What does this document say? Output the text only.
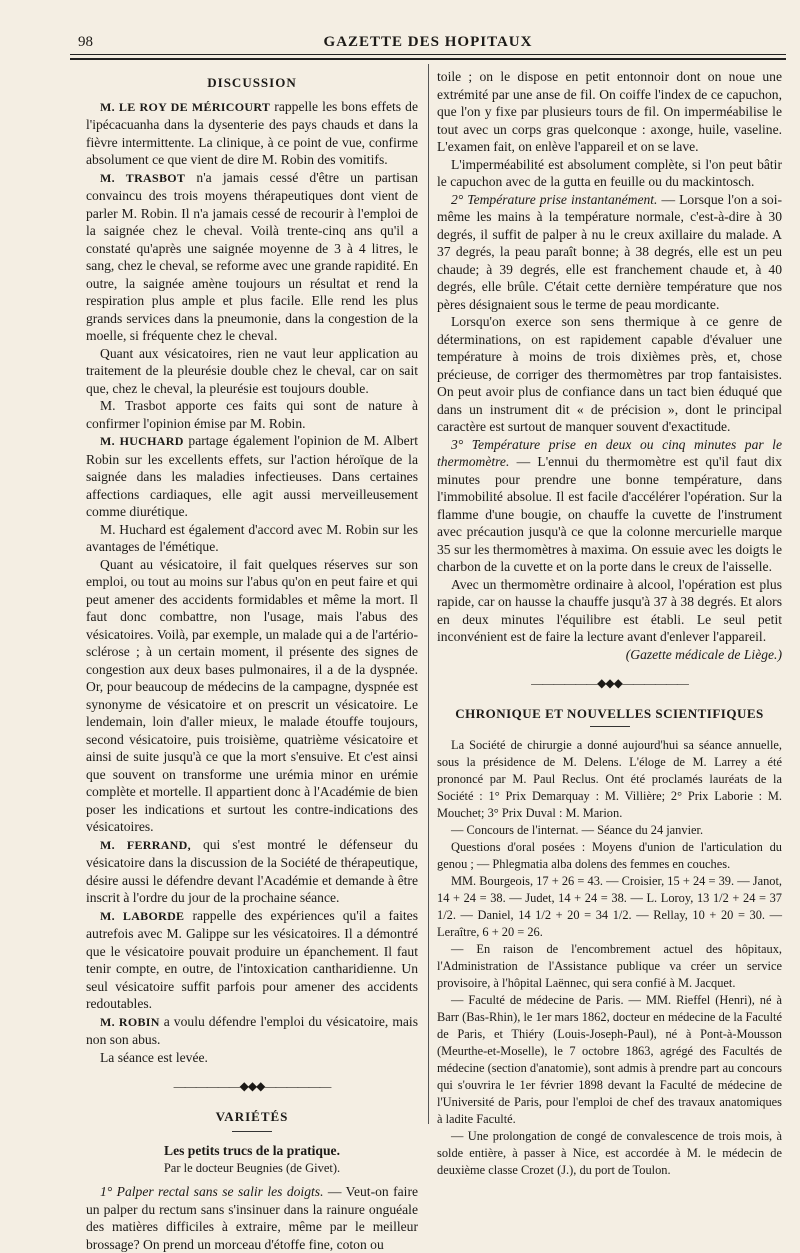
98	GAZETTE DES HOPITAUX
DISCUSSION

M. LE ROY DE MÉRICOURT rappelle les bons effets de l'ipécacuanha dans la dysenterie des pays chauds et dans la fièvre intermittente. La clinique, à ce point de vue, confirme absolument ce que vient de dire M. Robin des vomitifs.

M. TRASBOT n'a jamais cessé d'être un partisan convaincu des trois moyens thérapeutiques dont vient de parler M. Robin. Il n'a jamais cessé de recourir à l'emploi de la saignée chez le cheval. Voilà trente-cinq ans qu'il a constaté qu'après une saignée moyenne de 3 à 4 litres, le sang, chez le cheval, se reforme avec une grande rapidité. En outre, la saignée amène toujours un résultat et rend la respiration plus ample et plus facile. Elle rend les plus grands services dans la pneumonie, dans la congestion de la moelle, si fréquente chez le cheval.

Quant aux vésicatoires, rien ne vaut leur application au traitement de la pleurésie double chez le cheval, car on sait que, chez le cheval, la pleurésie est toujours double.

M. Trasbot apporte ces faits qui sont de nature à confirmer l'opinion émise par M. Robin.

M. HUCHARD partage également l'opinion de M. Albert Robin sur les excellents effets, sur l'action héroïque de la saignée dans les maladies infectieuses. Dans certaines affections cardiaques, elle agit aussi merveilleusement comme diurétique.

M. Huchard est également d'accord avec M. Robin sur les avantages de l'émétique.

Quant au vésicatoire, il fait quelques réserves sur son emploi, ou tout au moins sur l'abus qu'on en peut faire et qui peut amener des accidents formidables et même la mort. Il faut donc combattre, non l'usage, mais l'abus des vésicatoires. Voilà, par exemple, un malade qui a de l'artério-sclérose ; à un certain moment, il présente des signes de congestion aux deux bases pulmonaires, il a de la dyspnée. Or, pour beaucoup de médecins de la campagne, dyspnée est synonyme de vésicatoire et on prescrit un vésicatoire. Le lendemain, loin d'aller mieux, le malade étouffe toujours, second vésicatoire, puis troisième, quatrième vésicatoire et ainsi de suite jusqu'à ce que la mort s'ensuive. Et c'est ainsi que souvent on transforme une urémia minor en urémie complète et mortelle. Il appartient donc à l'Académie de bien poser les indications et surtout les contre-indications des vésicatoires.

M. FERRAND, qui s'est montré le défenseur du vésicatoire dans la discussion de la Société de thérapeutique, désire aussi le défendre devant l'Académie et demande à être inscrit à l'ordre du jour de la prochaine séance.

M. LABORDE rappelle des expériences qu'il a faites autrefois avec M. Galippe sur les vésicatoires. Il a démontré que le vésicatoire pouvait produire un épanchement. Il faut tenir compte, en outre, de l'intoxication cantharidienne. Un seul vésicatoire suffit parfois pour amener des accidents redoutables.

M. ROBIN a voulu défendre l'emploi du vésicatoire, mais non son abus.

La séance est levée.

——————◆◆◆——————
VARIÉTÉS
Les petits trucs de la pratique.
Par le docteur Beugnies (de Givet).

1° Palper rectal sans se salir les doigts. — Veut-on faire un palper du rectum sans s'insinuer dans la rainure onguéale des matières difficiles à extraire, même par le meilleur brossage? On prend un morceau d'étoffe fine, coton ou

toile ; on le dispose en petit entonnoir dont on noue une extrémité par une anse de fil. On coiffe l'index de ce capuchon, que l'on y fixe par plusieurs tours de fil. On imperméabilise le tout avec un corps gras quelconque : axonge, huile, vaseline. L'examen fait, on enlève l'appareil et on se lave.

L'imperméabilité est absolument complète, si l'on peut bâtir le capuchon avec de la gutta en feuille ou du mackintosch.

2° Température prise instantanément. — Lorsque l'on a soi-même les mains à la température normale, c'est-à-dire à 30 degrés, il suffit de palper à nu le creux axillaire du malade. A 37 degrés, la peau paraît bonne; à 38 degrés, elle est un peu chaude; à 39 degrés, elle est franchement chaude et, à 40 degrés, elle brûle. C'était cette dernière température que nos pères désignaient sous le terme de peau mordicante.

Lorsqu'on exerce son sens thermique à ce genre de déterminations, on est rapidement capable d'évaluer une température à moins de trois dixièmes près, et, chose précieuse, de corriger des thermomètres par trop fantaisistes. On peut avoir plus de confiance dans un tact bien éduqué que dans un instrument dit « de précision », dont le principal caractère est surtout de manquer souvent d'exactitude.

3° Température prise en deux ou cinq minutes par le thermomètre. — L'ennui du thermomètre est qu'il faut dix minutes pour prendre une bonne température, dans l'immobilité absolue. Il est facile d'accélérer l'opération. Sur la flamme d'une bougie, on chauffe la cuvette de l'instrument avec précaution jusqu'à ce que la colonne mercurielle marque 35 sur les thermomètres à maxima. On essuie avec les doigts le charbon de la cuvette et on la porte dans le creux de l'aisselle.

Avec un thermomètre ordinaire à alcool, l'opération est plus rapide, car on hausse la chauffe jusqu'à 37 à 38 degrés. Et alors en deux minutes l'équilibre est établi. Le seul petit inconvénient est de faire la lecture avant d'enlever l'appareil.

(Gazette médicale de Liège.)

——————◆◆◆——————
CHRONIQUE ET NOUVELLES SCIENTIFIQUES

La Société de chirurgie a donné aujourd'hui sa séance annuelle, sous la présidence de M. Delens. L'éloge de M. Larrey a été prononcé par M. Paul Reclus. Ont été proclamés lauréats de la Société : 1° Prix Demarquay : M. Villière; 2° Prix Laborie : M. Mouchet; 3° Prix Duval : M. Marion.

— Concours de l'internat. — Séance du 24 janvier.

Questions d'oral posées : Moyens d'union de l'articulation du genou ; — Phlegmatia alba dolens des femmes en couches.

MM. Bourgeois, 17 + 26 = 43. — Croisier, 15 + 24 = 39. — Janot, 14 + 24 = 38. — Judet, 14 + 24 = 38. — L. Loroy, 13 1/2 + 24 = 37 1/2. — Daniel, 14 1/2 + 20 = 34 1/2. — Rellay, 10 + 20 = 30. — Leraître, 6 + 20 = 26.

— En raison de l'encombrement actuel des hôpitaux, l'Administration de l'Assistance publique va créer un service provisoire, à l'hôpital Laënnec, qui sera confié à M. Jacquet.

— Faculté de médecine de Paris. — MM. Rieffel (Henri), né à Barr (Bas-Rhin), le 1er mars 1862, docteur en médecine de la Faculté de Paris, et Thiéry (Louis-Joseph-Paul), né à Pont-à-Mousson (Meurthe-et-Moselle), le 7 octobre 1863, agrégé des Facultés de médecine (section d'anatomie), sont admis à prendre part au concours qui s'ouvrira le 1er février 1898 devant la Faculté de médecine de l'Université de Paris, pour l'emploi de chef des travaux anatomiques à ladite Faculté.

— Une prolongation de congé de convalescence de trois mois, à solde entière, à passer à Nice, est accordée à M. le médecin de deuxième classe Crozet (J.), du port de Toulon.
